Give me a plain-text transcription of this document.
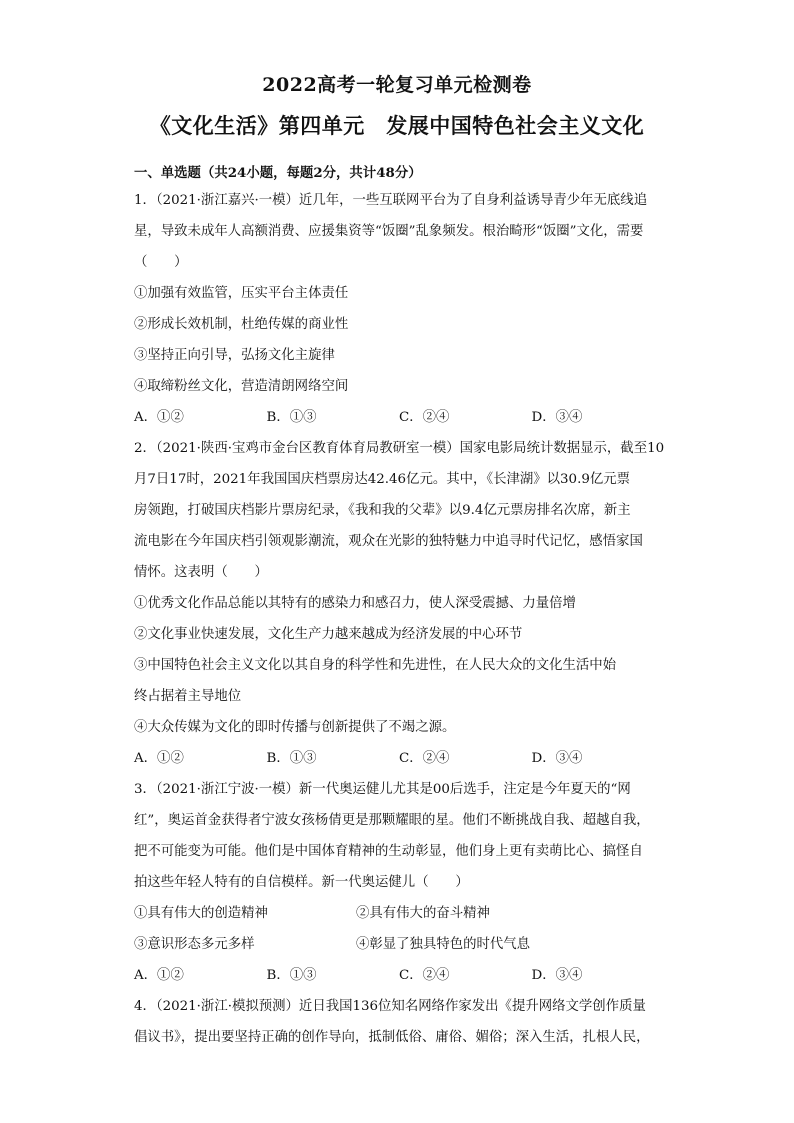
2022高考一轮复习单元检测卷
《文化生活》第四单元　发展中国特色社会主义文化
一、单选题（共24小题，每题2分，共计48分）
1．（2021·浙江嘉兴·一模）近几年，一些互联网平台为了自身利益诱导青少年无底线追
星，导致未成年人高额消费、应援集资等“饭圈”乱象频发。根治畸形“饭圈”文化，需要
（　　）
①加强有效监管，压实平台主体责任
②形成长效机制，杜绝传媒的商业性
③坚持正向引导，弘扬文化主旋律
④取缔粉丝文化，营造清朗网络空间
A．①②	B．①③	C．②④	D．③④
2．（2021·陕西·宝鸡市金台区教育体育局教研室一模）国家电影局统计数据显示，截至10
月7日17时，2021年我国国庆档票房达42.46亿元。其中，《长津湖》以30.9亿元票
房领跑，打破国庆档影片票房纪录，《我和我的父辈》以9.4亿元票房排名次席，新主
流电影在今年国庆档引领观影潮流，观众在光影的独特魅力中追寻时代记忆，感悟家国
情怀。这表明（　　）
①优秀文化作品总能以其特有的感染力和感召力，使人深受震撼、力量倍增
②文化事业快速发展，文化生产力越来越成为经济发展的中心环节
③中国特色社会主义文化以其自身的科学性和先进性，在人民大众的文化生活中始
终占据着主导地位
④大众传媒为文化的即时传播与创新提供了不竭之源。
A．①②	B．①③	C．②④	D．③④
3．（2021·浙江宁波·一模）新一代奥运健儿尤其是00后选手，注定是今年夏天的“网
红”，奥运首金获得者宁波女孩杨倩更是那颗耀眼的星。他们不断挑战自我、超越自我，
把不可能变为可能。他们是中国体育精神的生动彰显，他们身上更有卖萌比心、搞怪自
拍这些年轻人特有的自信模样。新一代奥运健儿（　　）
①具有伟大的创造精神	②具有伟大的奋斗精神
③意识形态多元多样	④彰显了独具特色的时代气息
A．①②	B．①③	C．②④	D．③④
4．（2021·浙江·模拟预测）近日我国136位知名网络作家发出《提升网络文学创作质量
倡议书》，提出要坚持正确的创作导向，抵制低俗、庸俗、媚俗；深入生活，扎根人民，
